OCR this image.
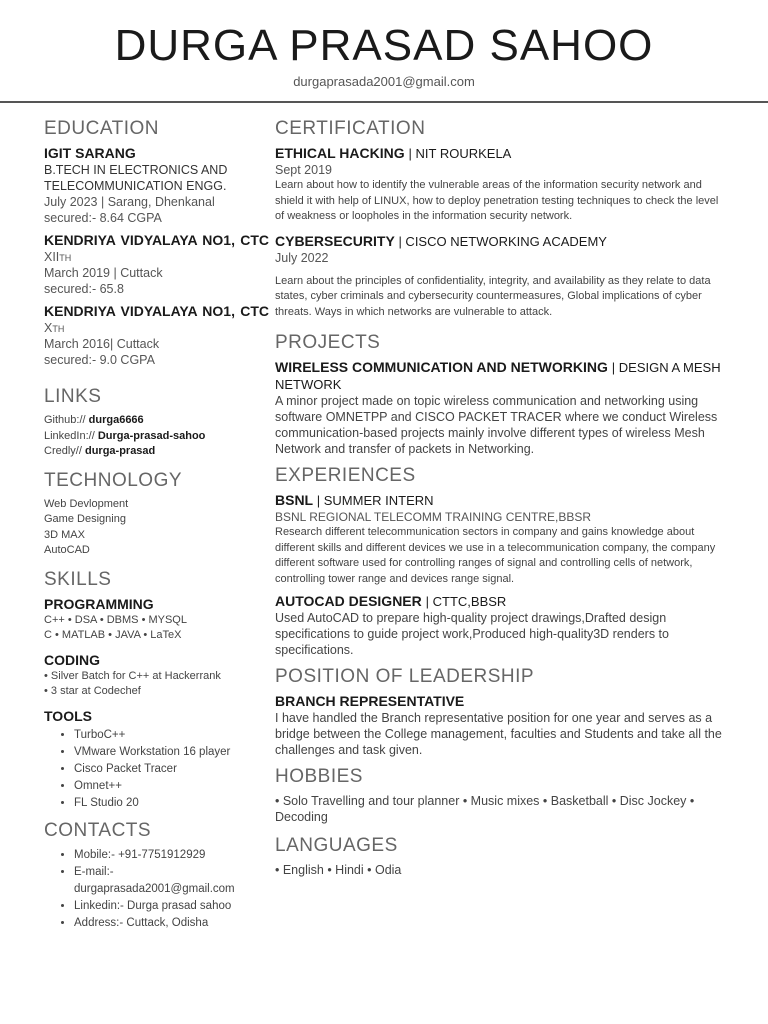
DURGA PRASAD SAHOO
durgaprasada2001@gmail.com
EDUCATION
IGIT SARANG
B.TECH IN ELECTRONICS AND TELECOMMUNICATION ENGG.
July 2023 | Sarang, Dhenkanal
secured:- 8.64 CGPA
KENDRIYA VIDYALAYA NO1, CTC
XIIth
March 2019 | Cuttack
secured:- 65.8
KENDRIYA VIDYALAYA NO1, CTC
Xth
March 2016| Cuttack
secured:- 9.0 CGPA
LINKS
Github:// durga6666
LinkedIn:// Durga-prasad-sahoo
Credly// durga-prasad
TECHNOLOGY
Web Devlopment
Game Designing
3D MAX
AutoCAD
SKILLS
PROGRAMMING
C++ • DSA • DBMS • MYSQL
C • MATLAB • JAVA • LaTeX
CODING
• Silver Batch for C++ at Hackerrank
• 3 star at Codechef
TOOLS
• TurboC++
• VMware Workstation 16 player
• Cisco Packet Tracer
• Omnet++
• FL Studio 20
CONTACTS
• Mobile:- +91-7751912929
• E-mail:- durgaprasada2001@gmail.com
• Linkedin:- Durga prasad sahoo
• Address:- Cuttack, Odisha
CERTIFICATION
ETHICAL HACKING | NIT ROURKELA
Sept 2019
Learn about how to identify the vulnerable areas of the information security network and shield it with help of LINUX, how to deploy penetration testing techniques to check the level of weakness or loopholes in the information security network.
CYBERSECURITY | CISCO NETWORKING ACADEMY
July 2022
Learn about the principles of confidentiality, integrity, and availability as they relate to data states, cyber criminals and cybersecurity countermeasures, Global implications of cyber threats. Ways in which networks are vulnerable to attack.
PROJECTS
WIRELESS COMMUNICATION AND NETWORKING | DESIGN A MESH NETWORK
A minor project made on topic wireless communication and networking using software OMNETPP and CISCO PACKET TRACER where we conduct Wireless communication-based projects mainly involve different types of wireless Mesh Network and transfer of packets in Networking.
EXPERIENCES
BSNL | SUMMER INTERN
BSNL REGIONAL TELECOMM TRAINING CENTRE,BBSR
Research different telecommunication sectors in company and gains knowledge about different skills and different devices we use in a telecommunication company, the company different software used for controlling ranges of signal and controlling cells of network, controlling tower range and devices range signal.
AUTOCAD DESIGNER | CTTC,BBSR
Used AutoCAD to prepare high-quality project drawings,Drafted design specifications to guide project work,Produced high-quality3D renders to specifications.
POSITION OF LEADERSHIP
BRANCH REPRESENTATIVE
I have handled the Branch representative position for one year and serves as a bridge between the College management, faculties and Students and take all the challenges and task given.
HOBBIES
• Solo Travelling and tour planner • Music mixes • Basketball • Disc Jockey • Decoding
LANGUAGES
• English • Hindi • Odia
